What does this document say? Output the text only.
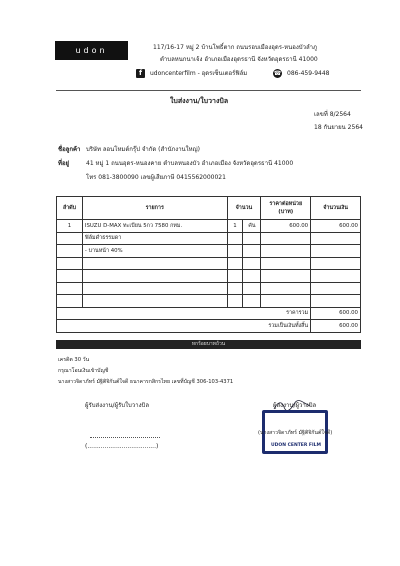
udon	117/16-17 หมู่ 2 บ้านโพธิ์ตาก ถนนรอบเมืองอุดร-หนองบัวลำภู
ตำบลหนกนาเจ้ง อำเภอเมืองอุดรธานี จังหวัดอุดรธานี 41000
f	udoncenterfilm - อุดรเซ็นเตอร์ฟิล์ม	☎ 086-459-9448
ใบส่งงาน/ใบวางบิล
เลขที่ 8/2564
18 กันยายน 2564
ชื่อลูกค้า บริษัท ลอนโหมต์กรุ๊ป จำกัด (สำนักงานใหญ่)
ที่อยู่	41 หมู่ 1 ถนนอุดร-หนองคาย ตำบลหนองบัว อำเภอเมือง จังหวัดอุดรธานี 41000
โทร 081-3800090 เลขผู้เสียภาษี 0415562000021
ลำดับ	รายการ	จำนวน		ราคาต่อหน่วย (บาท)	จำนวนเงิน
1	ISUZU D-MAX ทะเบียน 5กว 7580 กทม.	1	คัน	600.00	600.00
	ฟิล์มดำธรรมดา				
	- บานหน้า 40%				

ราคารวม					600.00
รวมเป็นเงินทั้งสิ้น					600.00
หกร้อยบาทถ้วน
เครดิต 30 วัน
กรุณาโอนเงินเข้าบัญชี
นางสาวจิดาภัทร์ มัฐิติจิกันต์ใจดี ธนาคารกสิกรไทย เลขที่บัญชี 306-103-4371
ผู้รับส่งงาน/ผู้รับใบวางบิล	ผู้ส่งงาน/ผู้วางบิล
(....................................)	UDON CENTER FILM
(นางสาวจิดาภัทร์ มัฐิติจิกันต์ใจดี)
